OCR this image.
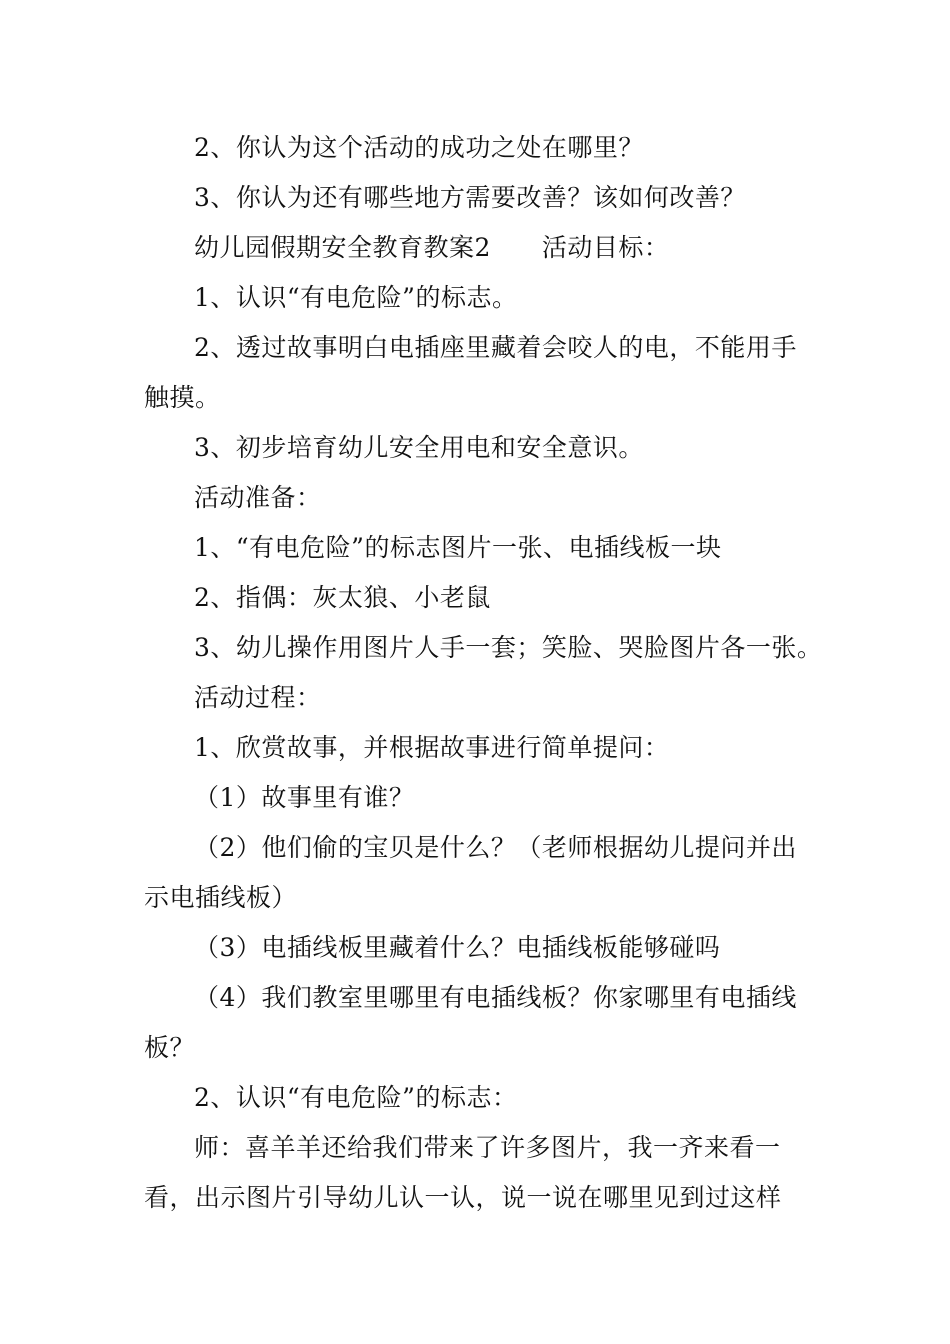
2、你认为这个活动的成功之处在哪里？
3、你认为还有哪些地方需要改善？该如何改善？
幼儿园假期安全教育教案2　　活动目标：
1、认识“有电危险”的标志。
2、透过故事明白电插座里藏着会咬人的电，不能用手
触摸。
3、初步培育幼儿安全用电和安全意识。
活动准备：
1、“有电危险”的标志图片一张、电插线板一块
2、指偶：灰太狼、小老鼠
3、幼儿操作用图片人手一套；笑脸、哭脸图片各一张。
活动过程：
1、欣赏故事，并根据故事进行简单提问：
（1）故事里有谁？
（2）他们偷的宝贝是什么？（老师根据幼儿提问并出
示电插线板）
（3）电插线板里藏着什么？电插线板能够碰吗
（4）我们教室里哪里有电插线板？你家哪里有电插线
板？
2、认识“有电危险”的标志：
师：喜羊羊还给我们带来了许多图片，我一齐来看一
看，出示图片引导幼儿认一认，说一说在哪里见到过这样
